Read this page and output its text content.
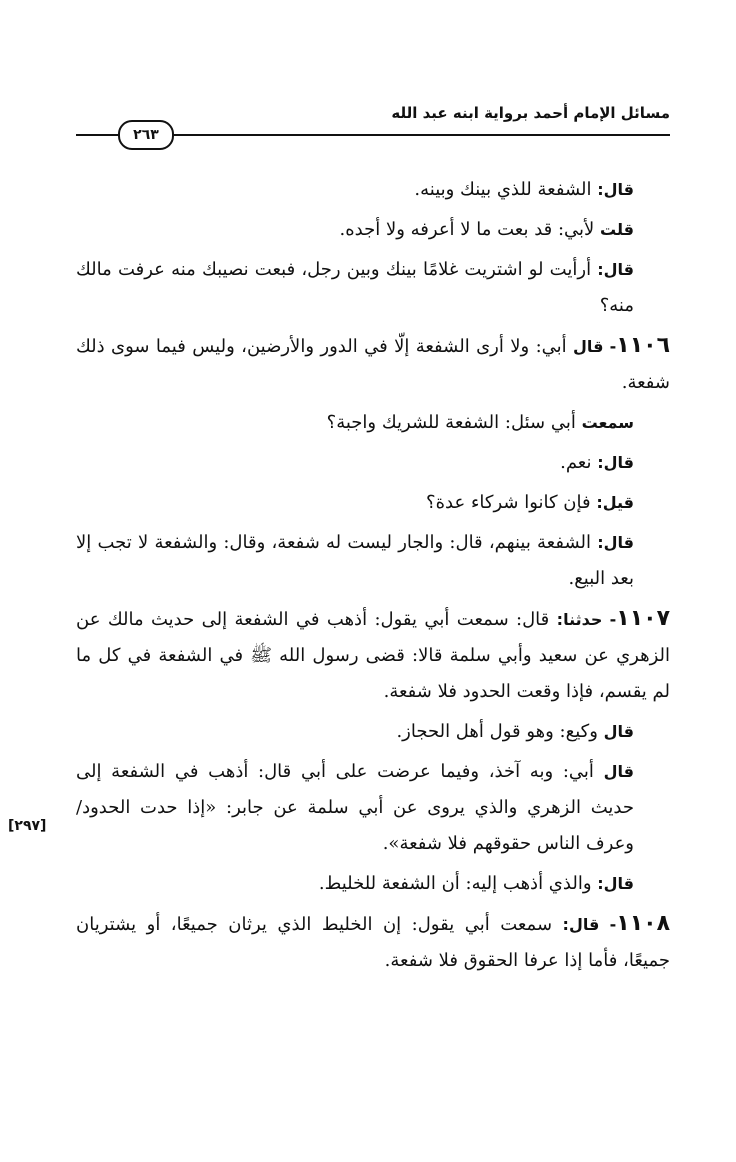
مسائل الإمام أحمد برواية ابنه عبد الله
٢٦٣
[٢٩٧]

قال: الشفعة للذي بينك وبينه.

قلت لأبي: قد بعت ما لا أعرفه ولا أجده.

قال: أرأيت لو اشتريت غلامًا بينك وبين رجل، فبعت نصيبك منه عرفت مالك منه؟

١١٠٦- قال أبي: ولا أرى الشفعة إلّا في الدور والأرضين، وليس فيما سوى ذلك شفعة.

سمعت أبي سئل: الشفعة للشريك واجبة؟

قال: نعم.

قيل: فإن كانوا شركاء عدة؟

قال: الشفعة بينهم، قال: والجار ليست له شفعة، وقال: والشفعة لا تجب إلا بعد البيع.

١١٠٧- حدثنا: قال: سمعت أبي يقول: أذهب في الشفعة إلى حديث مالك عن الزهري عن سعيد وأبي سلمة قالا: قضى رسول الله ﷺ في الشفعة في كل ما لم يقسم، فإذا وقعت الحدود فلا شفعة.

قال وكيع: وهو قول أهل الحجاز.

قال أبي: وبه آخذ، وفيما عرضت على أبي قال: أذهب في الشفعة إلى حديث الزهري والذي يروى عن أبي سلمة عن جابر: «إذا حدت الحدود/ وعرف الناس حقوقهم فلا شفعة».

قال: والذي أذهب إليه: أن الشفعة للخليط.

١١٠٨- قال: سمعت أبي يقول: إن الخليط الذي يرثان جميعًا، أو يشتريان جميعًا، فأما إذا عرفا الحقوق فلا شفعة.
